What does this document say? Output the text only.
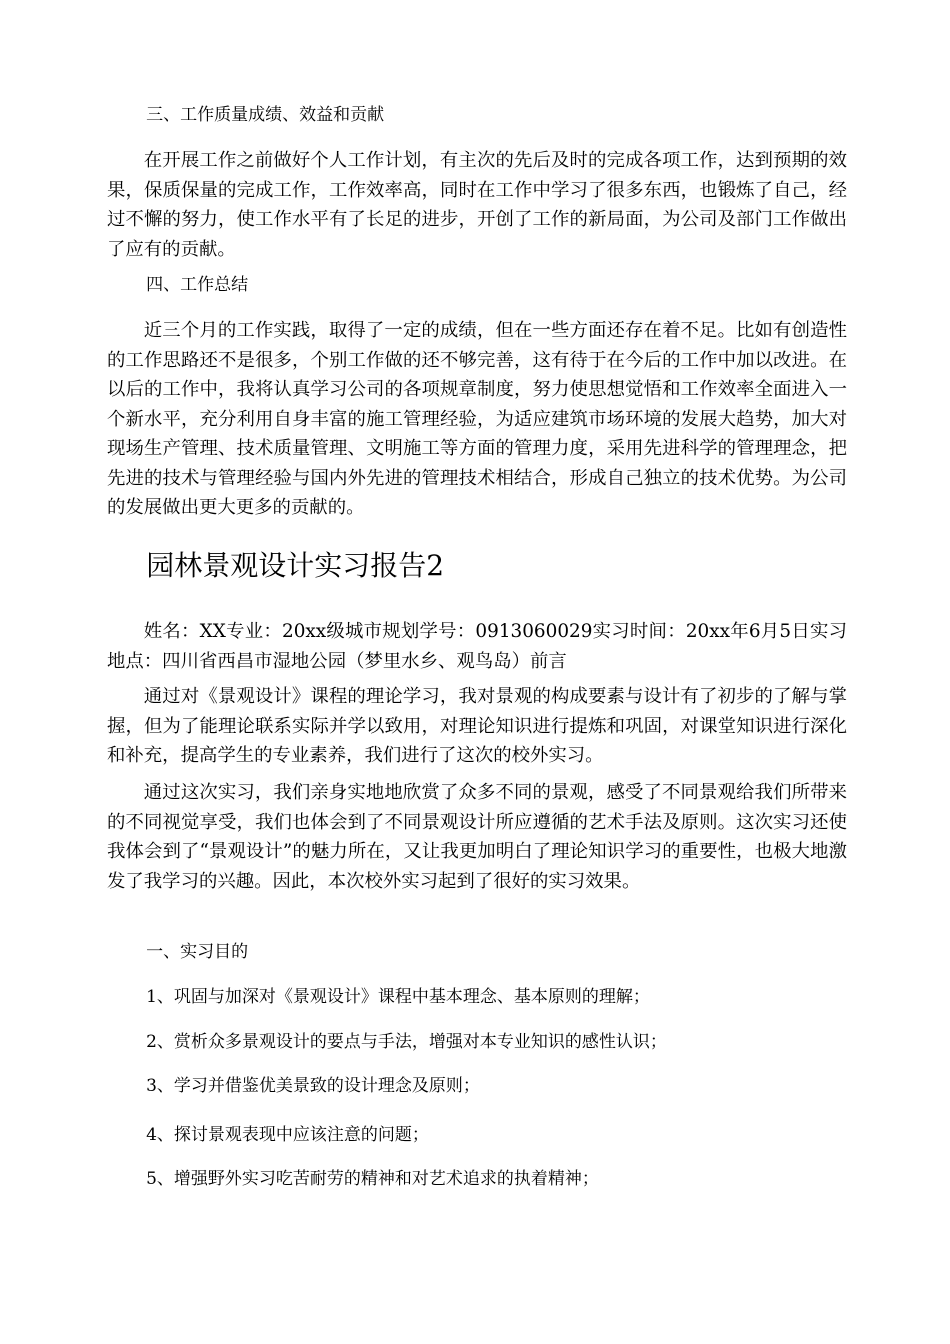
三、工作质量成绩、效益和贡献

在开展工作之前做好个人工作计划，有主次的先后及时的完成各项工作，达到预期的效果，保质保量的完成工作，工作效率高，同时在工作中学习了很多东西，也锻炼了自己，经过不懈的努力，使工作水平有了长足的进步，开创了工作的新局面，为公司及部门工作做出了应有的贡献。

四、工作总结

近三个月的工作实践，取得了一定的成绩，但在一些方面还存在着不足。比如有创造性的工作思路还不是很多，个别工作做的还不够完善，这有待于在今后的工作中加以改进。在以后的工作中，我将认真学习公司的各项规章制度，努力使思想觉悟和工作效率全面进入一个新水平，充分利用自身丰富的施工管理经验，为适应建筑市场环境的发展大趋势，加大对现场生产管理、技术质量管理、文明施工等方面的管理力度，采用先进科学的管理理念，把先进的技术与管理经验与国内外先进的管理技术相结合，形成自己独立的技术优势。为公司的发展做出更大更多的贡献的。

园林景观设计实习报告2

姓名：XX专业：20xx级城市规划学号：0913060029实习时间：20xx年6月5日实习地点：四川省西昌市湿地公园（梦里水乡、观鸟岛）前言

通过对《景观设计》课程的理论学习，我对景观的构成要素与设计有了初步的了解与掌握，但为了能理论联系实际并学以致用，对理论知识进行提炼和巩固，对课堂知识进行深化和补充，提高学生的专业素养，我们进行了这次的校外实习。

通过这次实习，我们亲身实地地欣赏了众多不同的景观，感受了不同景观给我们所带来的不同视觉享受，我们也体会到了不同景观设计所应遵循的艺术手法及原则。这次实习还使我体会到了“景观设计”的魅力所在，又让我更加明白了理论知识学习的重要性，也极大地激发了我学习的兴趣。因此，本次校外实习起到了很好的实习效果。

一、实习目的

1、巩固与加深对《景观设计》课程中基本理念、基本原则的理解；

2、赏析众多景观设计的要点与手法，增强对本专业知识的感性认识；

3、学习并借鉴优美景致的设计理念及原则；

4、探讨景观表现中应该注意的问题；

5、增强野外实习吃苦耐劳的精神和对艺术追求的执着精神；
